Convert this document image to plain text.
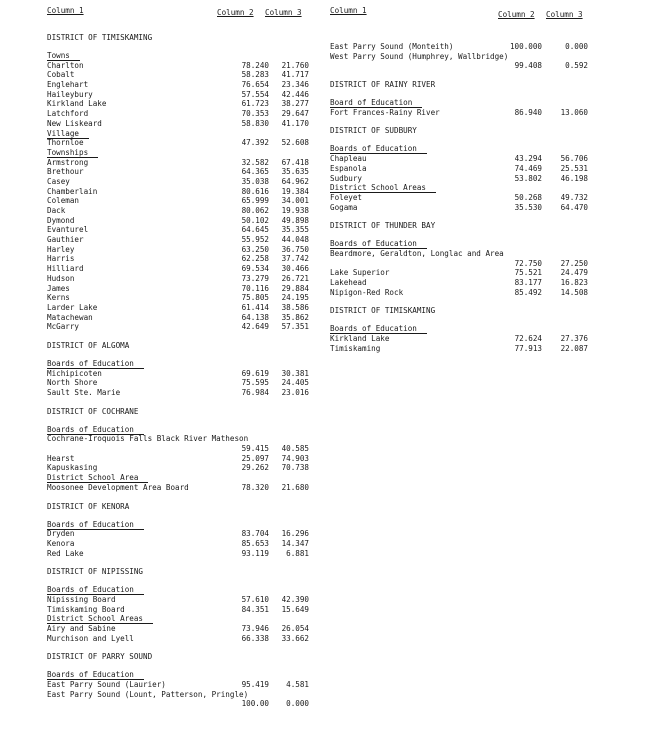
Column 1	Column 2 Column 3
DISTRICT OF TIMISKAMING
Towns
Charlton	78.240	21.760
Cobalt	58.283	41.717
Englehart	76.654	23.346
Haileybury	57.554	42.446
Kirkland Lake	61.723	38.277
Latchford	70.353	29.647
New Liskeard	58.830	41.170
Village
Thornloe	47.392	52.608
Townships
Armstrong	32.582	67.418
Brethour	64.365	35.635
Casey	35.038	64.962
Chamberlain	80.616	19.384
Coleman	65.999	34.001
Dack	80.062	19.938
Dymond	50.102	49.898
Evanturel	64.645	35.355
Gauthier	55.952	44.048
Harley	63.250	36.750
Harris	62.258	37.742
Hilliard	69.534	30.466
Hudson	73.279	26.721
James	70.116	29.884
Kerns	75.805	24.195
Larder Lake	61.414	38.586
Matachewan	64.138	35.862
McGarry	42.649	57.351
DISTRICT OF ALGOMA
Boards of Education
Michipicoten	69.619	30.381
North Shore	75.595	24.405
Sault Ste. Marie	76.984	23.016
DISTRICT OF COCHRANE
Boards of Education
Cochrane-Iroquois Falls Black River Matheson
59.415	40.585
Hearst	25.097	74.903
Kapuskasing	29.262	70.738
District School Area
Moosonee Development Area Board	78.320	21.680
DISTRICT OF KENORA
Boards of Education
Dryden	83.704	16.296
Kenora	85.653	14.347
Red Lake	93.119	6.881
DISTRICT OF NIPISSING
Boards of Education
Nipissing Board	57.610	42.390
Timiskaming Board	84.351	15.649
District School Areas
Airy and Sabine	73.946	26.054
Murchison and Lyell	66.338	33.662
DISTRICT OF PARRY SOUND
Boards of Education
East Parry Sound (Laurier)	95.419	4.581
East Parry Sound (Lount, Patterson, Pringle)
100.00	0.000
Column 1	Column 2 Column 3
East Parry Sound (Monteith)	100.000	0.000
West Parry Sound (Humphrey, Wallbridge)
99.408	0.592
DISTRICT OF RAINY RIVER
Board of Education
Fort Frances-Rainy River	86.940	13.060
DISTRICT OF SUDBURY
Boards of Education
Chapleau	43.294	56.706
Espanola	74.469	25.531
Sudbury	53.802	46.198
District School Areas
Foleyet	50.268	49.732
Gogama	35.530	64.470
DISTRICT OF THUNDER BAY
Boards of Education
Beardmore, Geraldton, Longlac and Area
72.750	27.250
Lake Superior	75.521	24.479
Lakehead	83.177	16.823
Nipigon-Red Rock	85.492	14.508
DISTRICT OF TIMISKAMING
Boards of Education
Kirkland Lake	72.624	27.376
Timiskaming	77.913	22.087
